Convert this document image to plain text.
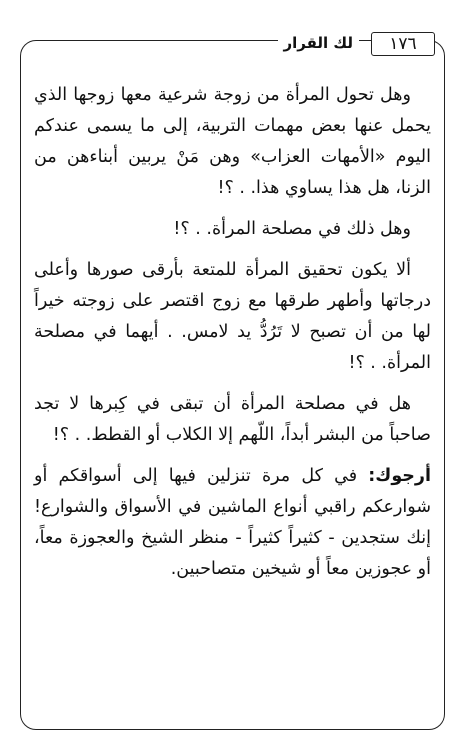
١٧٦
لك القرار

وهل تحول المرأة من زوجة شرعية معها زوجها الذي يحمل عنها بعض مهمات التربية، إلى ما يسمى عندكم اليوم «الأمهات العزاب» وهن مَنْ يربين أبناءهن من الزنا، هل هذا يساوي هذا. . ؟!

وهل ذلك في مصلحة المرأة. . ؟!

ألا يكون تحقيق المرأة للمتعة بأرقى صورها وأعلى درجاتها وأطهر طرقها مع زوج اقتصر على زوجته خيراً لها من أن تصبح لا تَرُدُّ يد لامس. . أيهما في مصلحة المرأة. . ؟!

هل في مصلحة المرأة أن تبقى في كِبرها لا تجد صاحباً من البشر أبداً، اللّهم إلا الكلاب أو القطط. . ؟!

أرجوك: في كل مرة تنزلين فيها إلى أسواقكم أو شوارعكم راقبي أنواع الماشين في الأسواق والشوارع! إنك ستجدين - كثيراً كثيراً - منظر الشيخ والعجوزة معاً، أو عجوزين معاً أو شيخين متصاحبين.
